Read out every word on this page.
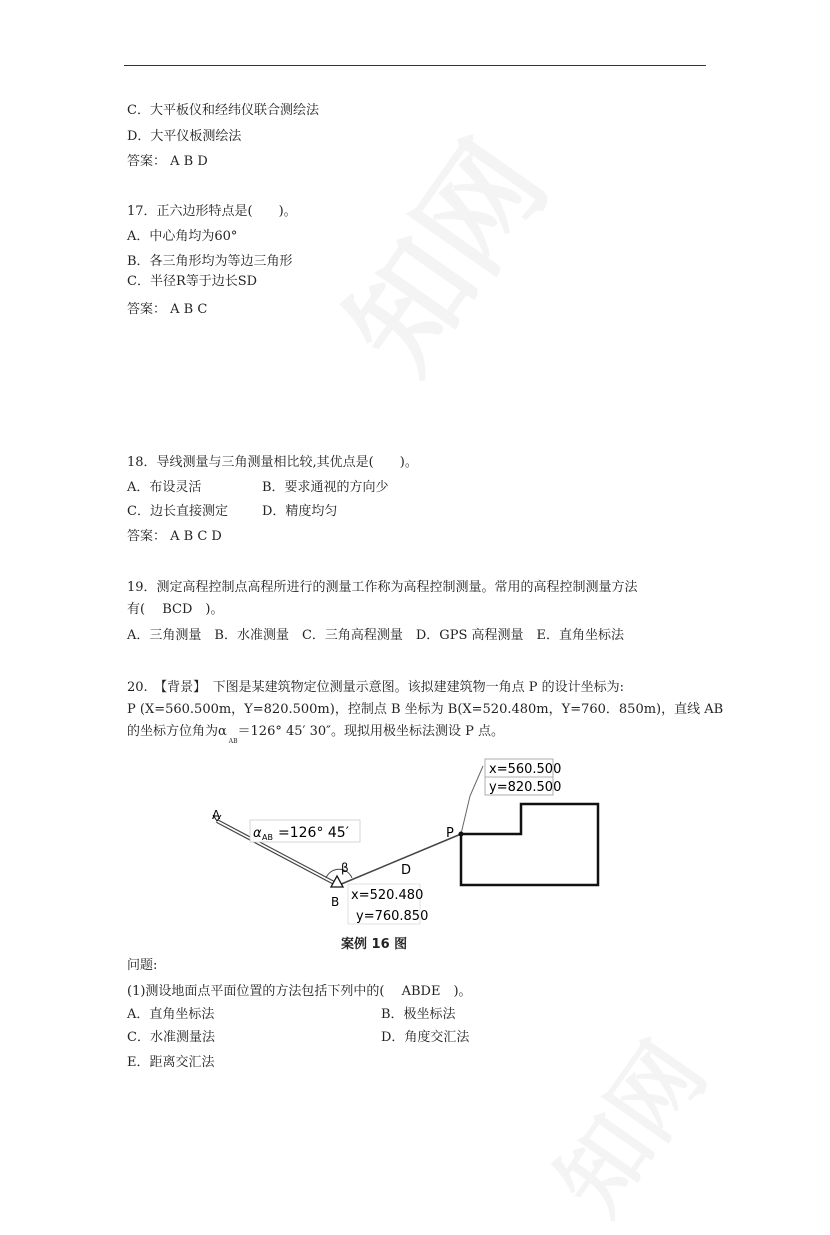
C．大平板仪和经纬仪联合测绘法
D．大平仪板测绘法
答案： A B D
17．正六边形特点是(　　)。
A．中心角均为60°
B．各三角形均为等边三角形
C．半径R等于边长SD
答案： A B C
18．导线测量与三角测量相比较,其优点是(　　)。
A．布设灵活	B．要求通视的方向少
C．边长直接测定	D．精度均匀
答案： A B C D
19．测定高程控制点高程所进行的测量工作称为高程控制测量。常用的高程控制测量方法
有(　 BCD　)。
A．三角测量　B．水准测量　C．三角高程测量　D．GPS 高程测量　E．直角坐标法
20.　【背景】　下图是某建筑物定位测量示意图。该拟建建筑物一角点 P 的设计坐标为:
P (X=560.500m，Y=820.500m)，控制点 B 坐标为 B(X=520.480m，Y=760．850m)，直线 AB
的坐标方位角为$\alpha_{AB}=126^\circ$ 45′ 30″。现拟用极坐标法测设 P 点。
A
P
B
D
β
α AB =126° 45′
x=560.500
y=820.500
x=520.480
y=760.850
案例 16 图
问题:
(1)测设地面点平面位置的方法包括下列中的(　 ABDE　)。
A．直角坐标法	B．极坐标法
C．水准测量法	D．角度交汇法
E．距离交汇法
